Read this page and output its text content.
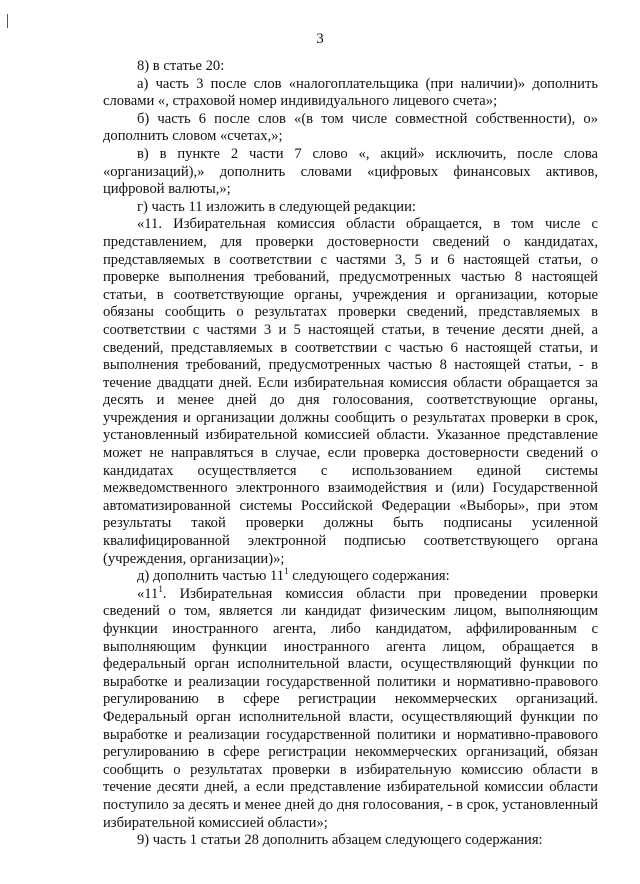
3

8) в статье 20:

а) часть 3 после слов «налогоплательщика (при наличии)» дополнить словами «, страховой номер индивидуального лицевого счета»;

б) часть 6 после слов «(в том числе совместной собственности), о» дополнить словом «счетах,»;

в) в пункте 2 части 7 слово «, акций» исключить, после слова «организаций),» дополнить словами «цифровых финансовых активов, цифровой валюты,»;

г) часть 11 изложить в следующей редакции:

«11. Избирательная комиссия области обращается, в том числе с представлением, для проверки достоверности сведений о кандидатах, представляемых в соответствии с частями 3, 5 и 6 настоящей статьи, о проверке выполнения требований, предусмотренных частью 8 настоящей статьи, в соответствующие органы, учреждения и организации, которые обязаны сообщить о результатах проверки сведений, представляемых в соответствии с частями 3 и 5 настоящей статьи, в течение десяти дней, а сведений, представляемых в соответствии с частью 6 настоящей статьи, и выполнения требований, предусмотренных частью 8 настоящей статьи, - в течение двадцати дней. Если избирательная комиссия области обращается за десять и менее дней до дня голосования, соответствующие органы, учреждения и организации должны сообщить о результатах проверки в срок, установленный избирательной комиссией области. Указанное представление может не направляться в случае, если проверка достоверности сведений о кандидатах осуществляется с использованием единой системы межведомственного электронного взаимодействия и (или) Государственной автоматизированной системы Российской Федерации «Выборы», при этом результаты такой проверки должны быть подписаны усиленной квалифицированной электронной подписью соответствующего органа (учреждения, организации)»;

д) дополнить частью $11^1$ следующего содержания:

«$11^1$. Избирательная комиссия области при проведении проверки сведений о том, является ли кандидат физическим лицом, выполняющим функции иностранного агента, либо кандидатом, аффилированным с выполняющим функции иностранного агента лицом, обращается в федеральный орган исполнительной власти, осуществляющий функции по выработке и реализации государственной политики и нормативно-правового регулированию в сфере регистрации некоммерческих организаций. Федеральный орган исполнительной власти, осуществляющий функции по выработке и реализации государственной политики и нормативно-правового регулированию в сфере регистрации некоммерческих организаций, обязан сообщить о результатах проверки в избирательную комиссию области в течение десяти дней, а если представление избирательной комиссии области поступило за десять и менее дней до дня голосования, - в срок, установленный избирательной комиссией области»;

9) часть 1 статьи 28 дополнить абзацем следующего содержания:
